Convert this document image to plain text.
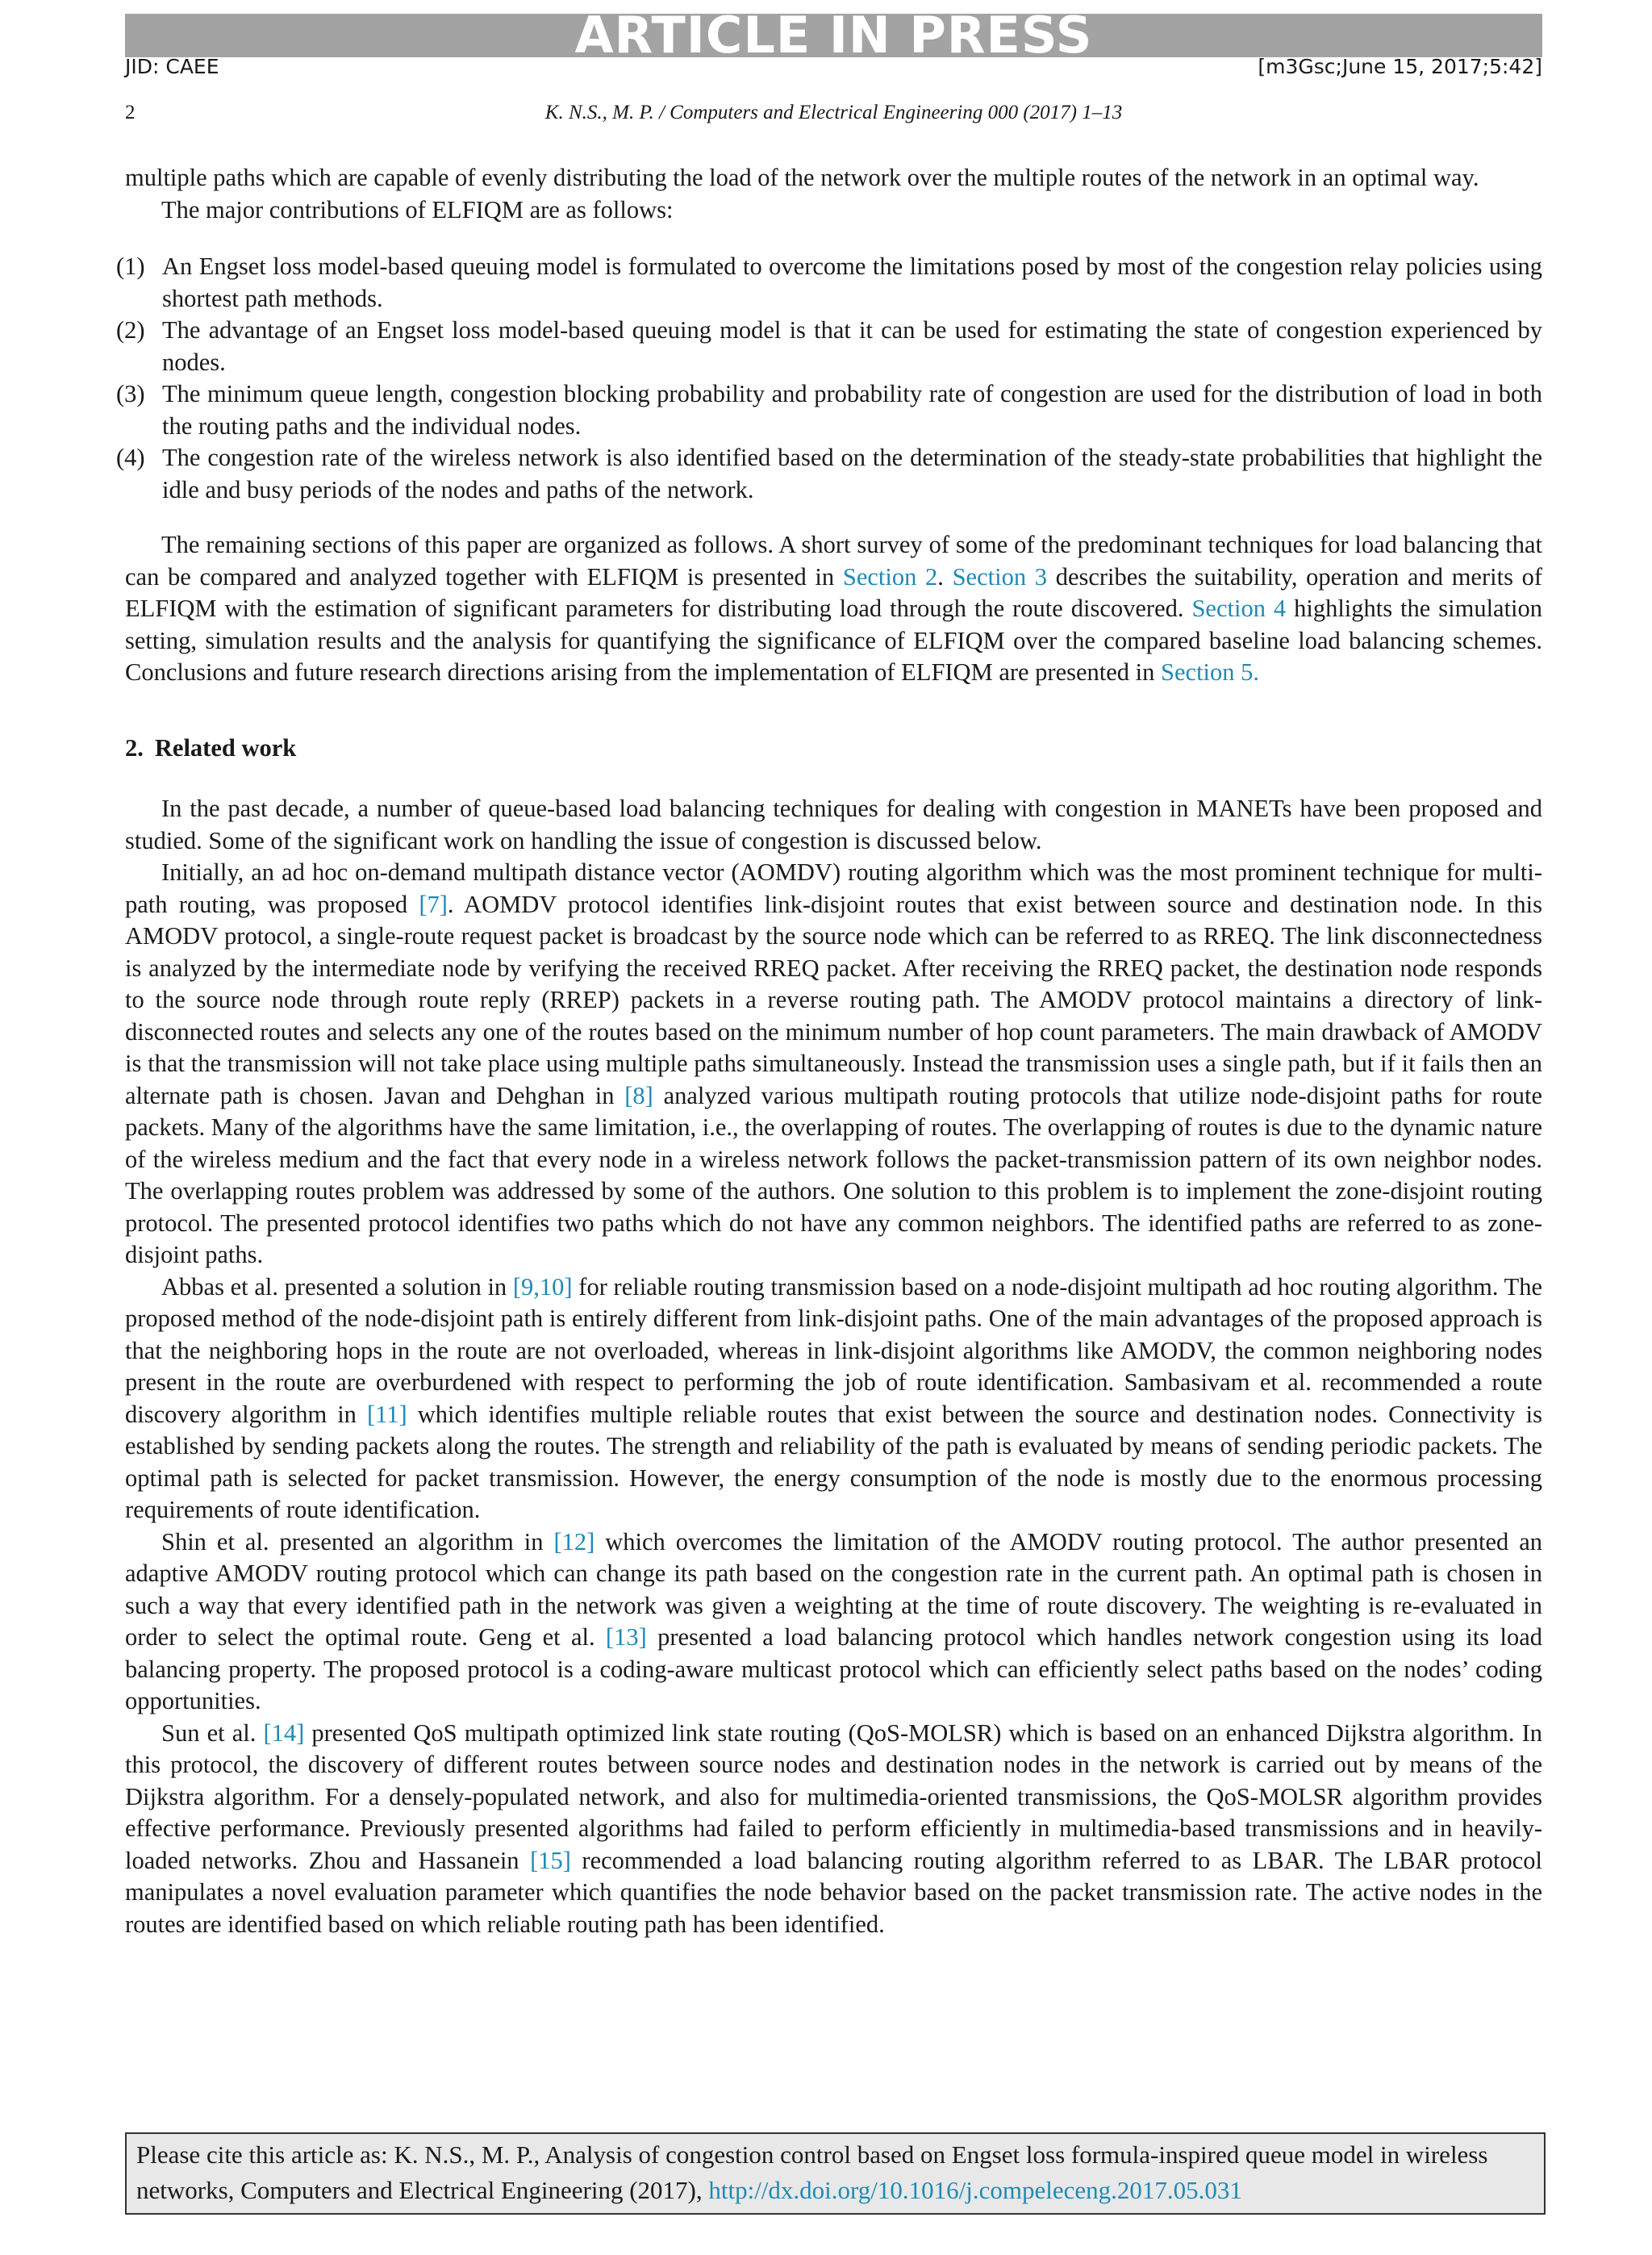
ARTICLE IN PRESS
JID: CAEE	[m3Gsc;June 15, 2017;5:42]
2	K. N.S., M. P. / Computers and Electrical Engineering 000 (2017) 1–13

multiple paths which are capable of evenly distributing the load of the network over the multiple routes of the network in an optimal way.

The major contributions of ELFIQM are as follows:

(1) An Engset loss model-based queuing model is formulated to overcome the limitations posed by most of the congestion relay policies using shortest path methods.
(2) The advantage of an Engset loss model-based queuing model is that it can be used for estimating the state of congestion experienced by nodes.
(3) The minimum queue length, congestion blocking probability and probability rate of congestion are used for the distribution of load in both the routing paths and the individual nodes.
(4) The congestion rate of the wireless network is also identified based on the determination of the steady-state probabilities that highlight the idle and busy periods of the nodes and paths of the network.

The remaining sections of this paper are organized as follows. A short survey of some of the predominant techniques for load balancing that can be compared and analyzed together with ELFIQM is presented in Section 2. Section 3 describes the suitability, operation and merits of ELFIQM with the estimation of significant parameters for distributing load through the route discovered. Section 4 highlights the simulation setting, simulation results and the analysis for quantifying the significance of ELFIQM over the compared baseline load balancing schemes. Conclusions and future research directions arising from the implementation of ELFIQM are presented in Section 5.

2. Related work

In the past decade, a number of queue-based load balancing techniques for dealing with congestion in MANETs have been proposed and studied. Some of the significant work on handling the issue of congestion is discussed below.

Initially, an ad hoc on-demand multipath distance vector (AOMDV) routing algorithm which was the most prominent technique for multi-path routing, was proposed [7]. AOMDV protocol identifies link-disjoint routes that exist between source and destination node. In this AMODV protocol, a single-route request packet is broadcast by the source node which can be referred to as RREQ. The link disconnectedness is analyzed by the intermediate node by verifying the received RREQ packet. After receiving the RREQ packet, the destination node responds to the source node through route reply (RREP) packets in a reverse routing path. The AMODV protocol maintains a directory of link-disconnected routes and selects any one of the routes based on the minimum number of hop count parameters. The main drawback of AMODV is that the transmission will not take place using multiple paths simultaneously. Instead the transmission uses a single path, but if it fails then an alternate path is chosen. Javan and Dehghan in [8] analyzed various multipath routing protocols that utilize node-disjoint paths for route packets. Many of the algorithms have the same limitation, i.e., the overlapping of routes. The overlapping of routes is due to the dynamic nature of the wireless medium and the fact that every node in a wireless network follows the packet-transmission pattern of its own neighbor nodes. The overlapping routes problem was addressed by some of the authors. One solution to this problem is to implement the zone-disjoint routing protocol. The presented protocol identifies two paths which do not have any common neighbors. The identified paths are referred to as zone-disjoint paths.

Abbas et al. presented a solution in [9,10] for reliable routing transmission based on a node-disjoint multipath ad hoc routing algorithm. The proposed method of the node-disjoint path is entirely different from link-disjoint paths. One of the main advantages of the proposed approach is that the neighboring hops in the route are not overloaded, whereas in link-disjoint algorithms like AMODV, the common neighboring nodes present in the route are overburdened with respect to performing the job of route identification. Sambasivam et al. recommended a route discovery algorithm in [11] which identifies multiple reliable routes that exist between the source and destination nodes. Connectivity is established by sending packets along the routes. The strength and reliability of the path is evaluated by means of sending periodic packets. The optimal path is selected for packet transmission. However, the energy consumption of the node is mostly due to the enormous processing requirements of route identification.

Shin et al. presented an algorithm in [12] which overcomes the limitation of the AMODV routing protocol. The author presented an adaptive AMODV routing protocol which can change its path based on the congestion rate in the current path. An optimal path is chosen in such a way that every identified path in the network was given a weighting at the time of route discovery. The weighting is re-evaluated in order to select the optimal route. Geng et al. [13] presented a load balancing protocol which handles network congestion using its load balancing property. The proposed protocol is a coding-aware multicast protocol which can efficiently select paths based on the nodes’ coding opportunities.

Sun et al. [14] presented QoS multipath optimized link state routing (QoS-MOLSR) which is based on an enhanced Dijkstra algorithm. In this protocol, the discovery of different routes between source nodes and destination nodes in the network is carried out by means of the Dijkstra algorithm. For a densely-populated network, and also for multimedia-oriented transmissions, the QoS-MOLSR algorithm provides effective performance. Previously presented algorithms had failed to perform efficiently in multimedia-based transmissions and in heavily-loaded networks. Zhou and Hassanein [15] recommended a load balancing routing algorithm referred to as LBAR. The LBAR protocol manipulates a novel evaluation parameter which quantifies the node behavior based on the packet transmission rate. The active nodes in the routes are identified based on which reliable routing path has been identified.

Please cite this article as: K. N.S., M. P., Analysis of congestion control based on Engset loss formula-inspired queue model in wireless networks, Computers and Electrical Engineering (2017), http://dx.doi.org/10.1016/j.compeleceng.2017.05.031
